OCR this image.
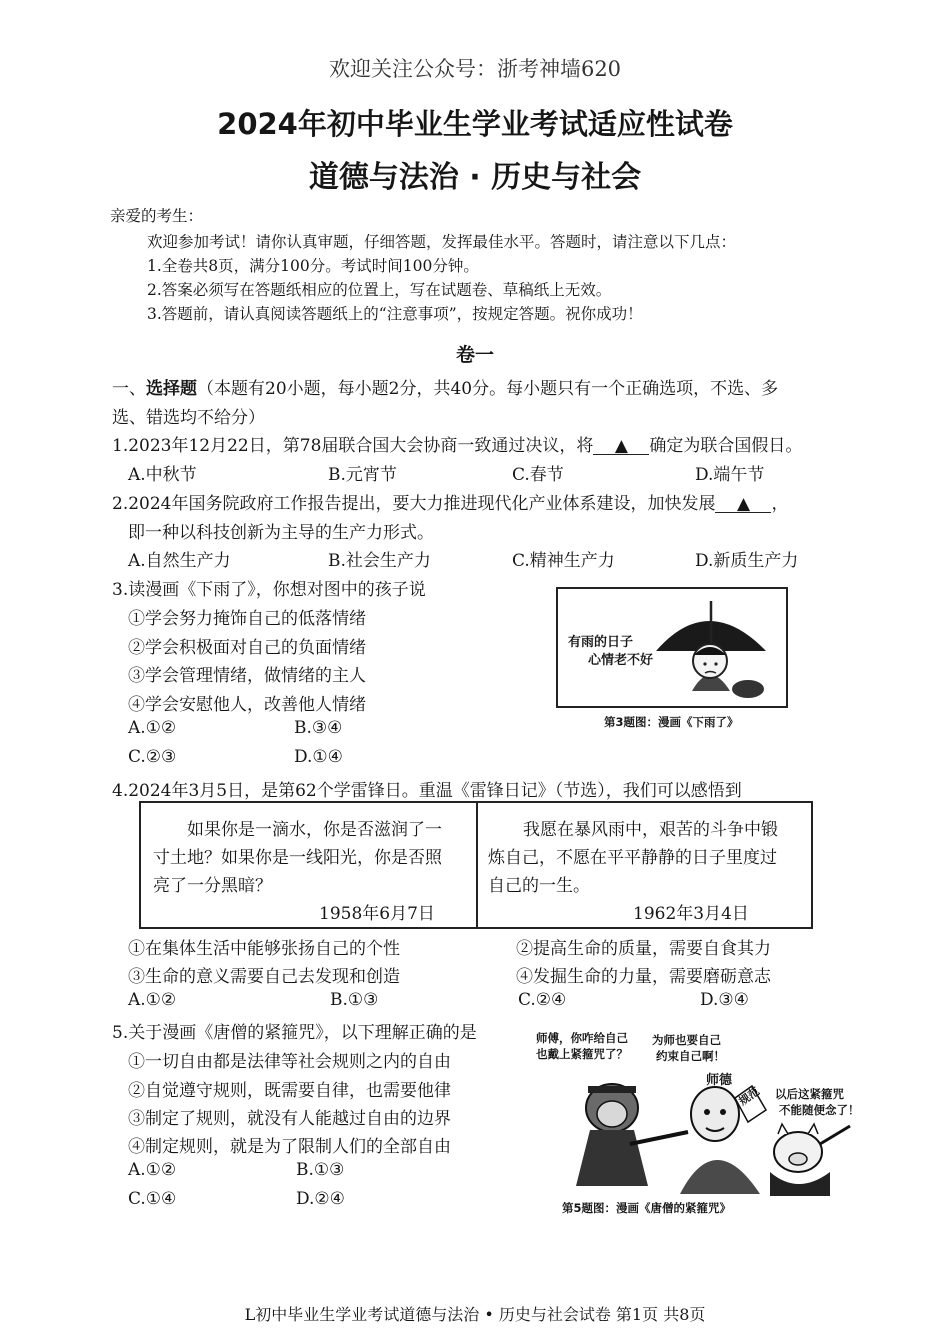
欢迎关注公众号：浙考神墙620
2024年初中毕业生学业考试适应性试卷
道德与法治 · 历史与社会
亲爱的考生：
欢迎参加考试！请你认真审题，仔细答题，发挥最佳水平。答题时，请注意以下几点：
1.全卷共8页，满分100分。考试时间100分钟。
2.答案必须写在答题纸相应的位置上，写在试题卷、草稿纸上无效。
3.答题前，请认真阅读答题纸上的“注意事项”，按规定答题。祝你成功！
卷一
一、选择题（本题有20小题，每小题2分，共40分。每小题只有一个正确选项，不选、多
选、错选均不给分）
1.2023年12月22日，第78届联合国大会协商一致通过决议，将 ▲ 确定为联合国假日。
A.中秋节	B.元宵节	C.春节	D.端午节
2.2024年国务院政府工作报告提出，要大力推进现代化产业体系建设，加快发展 ▲ ，
即一种以科技创新为主导的生产力形式。
A.自然生产力	B.社会生产力	C.精神生产力	D.新质生产力
3.读漫画《下雨了》，你想对图中的孩子说
①学会努力掩饰自己的低落情绪
②学会积极面对自己的负面情绪
③学会管理情绪，做情绪的主人
④学会安慰他人，改善他人情绪
A.①②	B.③④
C.②③	D.①④
有雨的日子
心情老不好
第3题图：漫画《下雨了》
4.2024年3月5日，是第62个学雷锋日。重温《雷锋日记》（节选），我们可以感悟到
如果你是一滴水，你是否滋润了一
寸土地？如果你是一线阳光，你是否照
亮了一分黑暗？
1958年6月7日
我愿在暴风雨中，艰苦的斗争中锻
炼自己，不愿在平平静静的日子里度过
自己的一生。
1962年3月4日
①在集体生活中能够张扬自己的个性	②提高生命的质量，需要自食其力
③生命的意义需要自己去发现和创造	④发掘生命的力量，需要磨砺意志
A.①②	B.①③	C.②④	D.③④
5.关于漫画《唐僧的紧箍咒》，以下理解正确的是
①一切自由都是法律等社会规则之内的自由
②自觉遵守规则，既需要自律，也需要他律
③制定了规则，就没有人能越过自由的边界
④制定规则，就是为了限制人们的全部自由
A.①②	B.①③
C.①④	D.②④
师傅，你咋给自己
也戴上紧箍咒了？
为师也要自己
约束自己啊！
师德
规范 以后这紧箍咒
不能随便念了！
第5题图：漫画《唐僧的紧箍咒》
L初中毕业生学业考试道德与法治 • 历史与社会试卷 第1页 共8页
